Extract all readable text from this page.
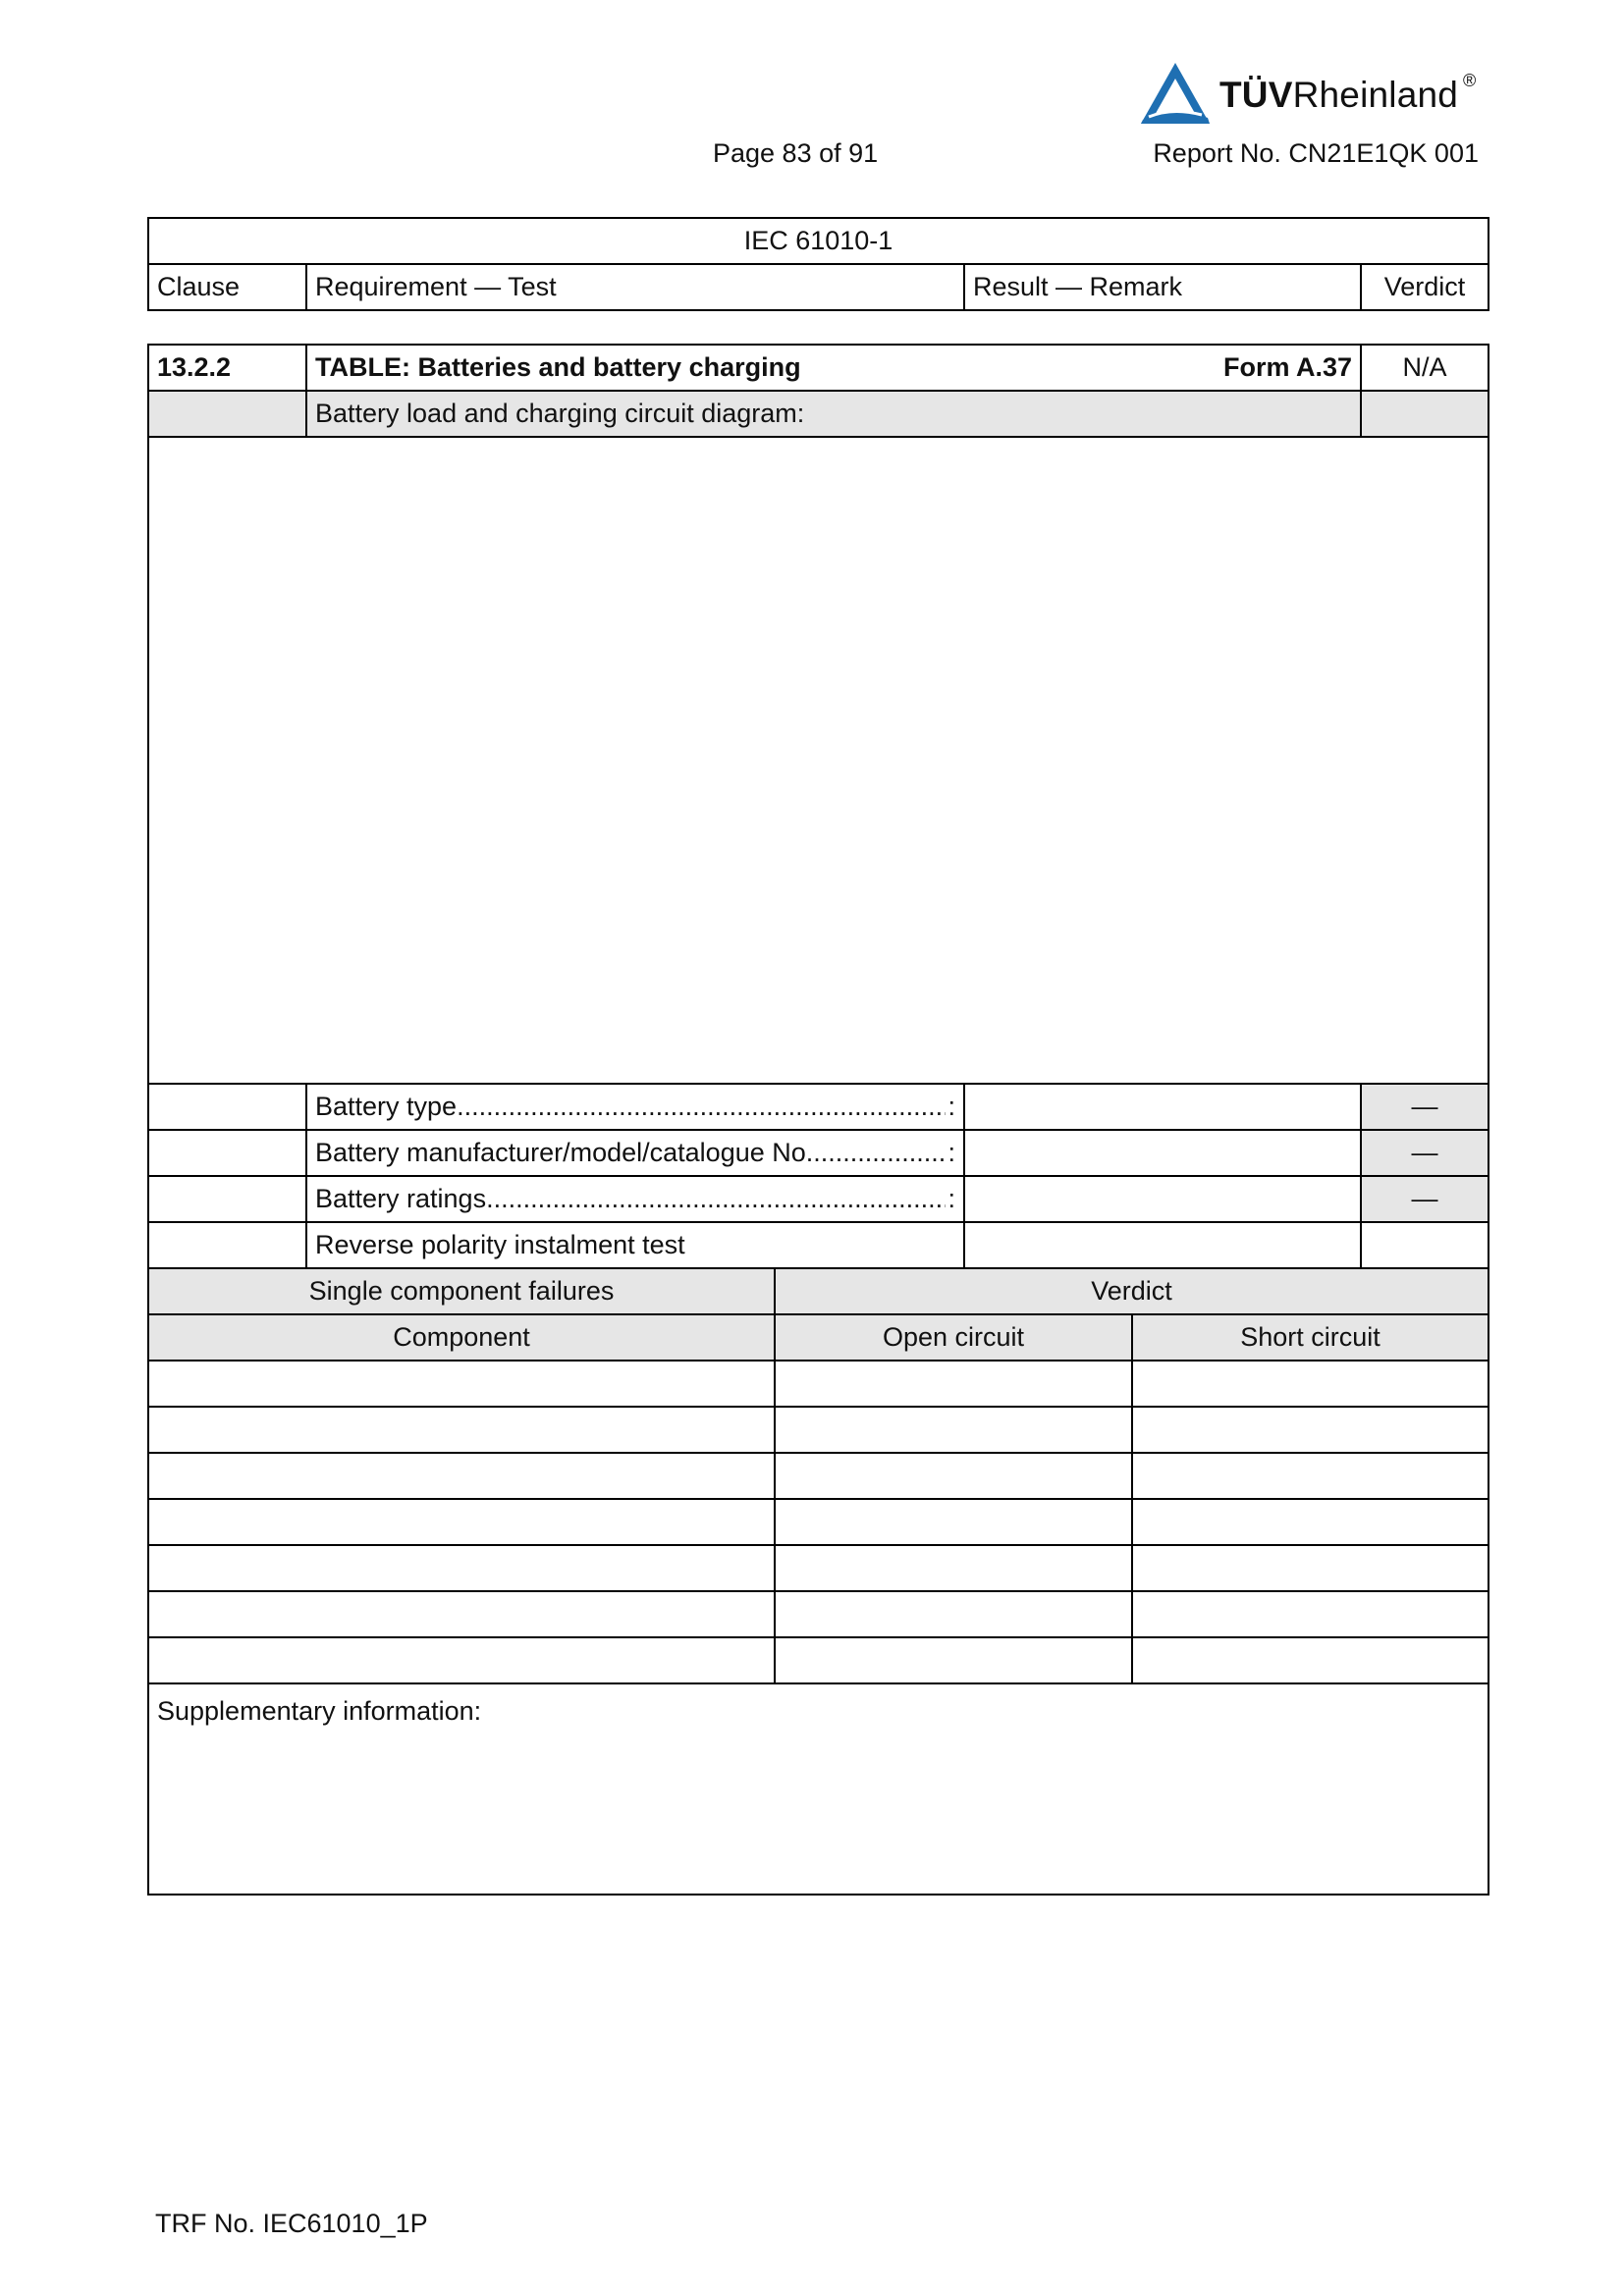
TÜVRheinland ®
Page 83 of 91	Report No. CN21E1QK 001
IEC 61010-1
Clause	Requirement — Test	Result — Remark	Verdict
13.2.2	TABLE: Batteries and battery charging Form A.37				N/A
	Battery load and charging circuit diagram:				

	Battery type ..... :				—

	Battery manufacturer/model/catalogue No. ..... :				—

	Battery ratings ..... :				—
	Reverse polarity instalment test				
Single component failures		Verdict			
Component		Open circuit		Short circuit	

Supplementary information:					
TRF No. IEC61010_1P
